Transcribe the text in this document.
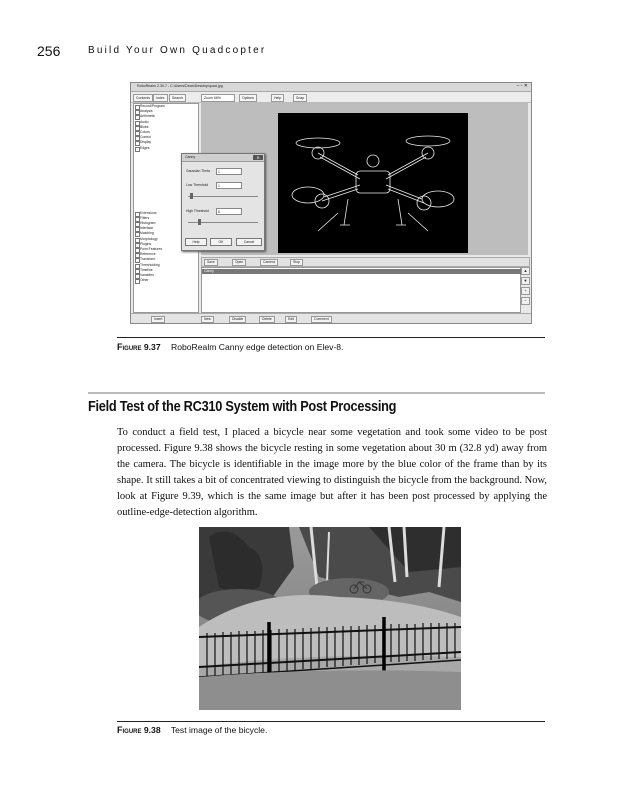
256	Build Your Own Quadcopter
RoboRealm 2.30.7 - C:\Users\Dean\Desktop\quad.jpg	– ▫ ✕
Contents	Index	Search	Zoom 66%	Options	Help	Snap
Record/Program
Analysis
Arithmetic
Audio
Blobs
Colors
Control
Display
Edges
Extensions
Filters
Histogram
Interface
Matching
Morphology
Plugins
Point Features
Reference
Transform
Thresholding
Timeline
Variables
Other
Canny	✕
Gaussian Theta	1
Low Threshold	1
High Threshold	8
Help	OK	Cancel
Save	Open	Camera	Stop
Canny	▲
▼
+
−
Insert	New	Disable	Delete	Edit	Comment
Figure 9.37 RoboRealm Canny edge detection on Elev-8.
Field Test of the RC310 System with Post Processing
To conduct a field test, I placed a bicycle near some vegetation and took some video to be post processed. Figure 9.38 shows the bicycle resting in some vegetation about 30 m (32.8 yd) away from the camera. The bicycle is identifiable in the image more by the blue color of the frame than by its shape. It still takes a bit of concentrated viewing to distinguish the bicycle from the background. Now, look at Figure 9.39, which is the same image but after it has been post processed by applying the outline-edge-detection algorithm.
Figure 9.38 Test image of the bicycle.
